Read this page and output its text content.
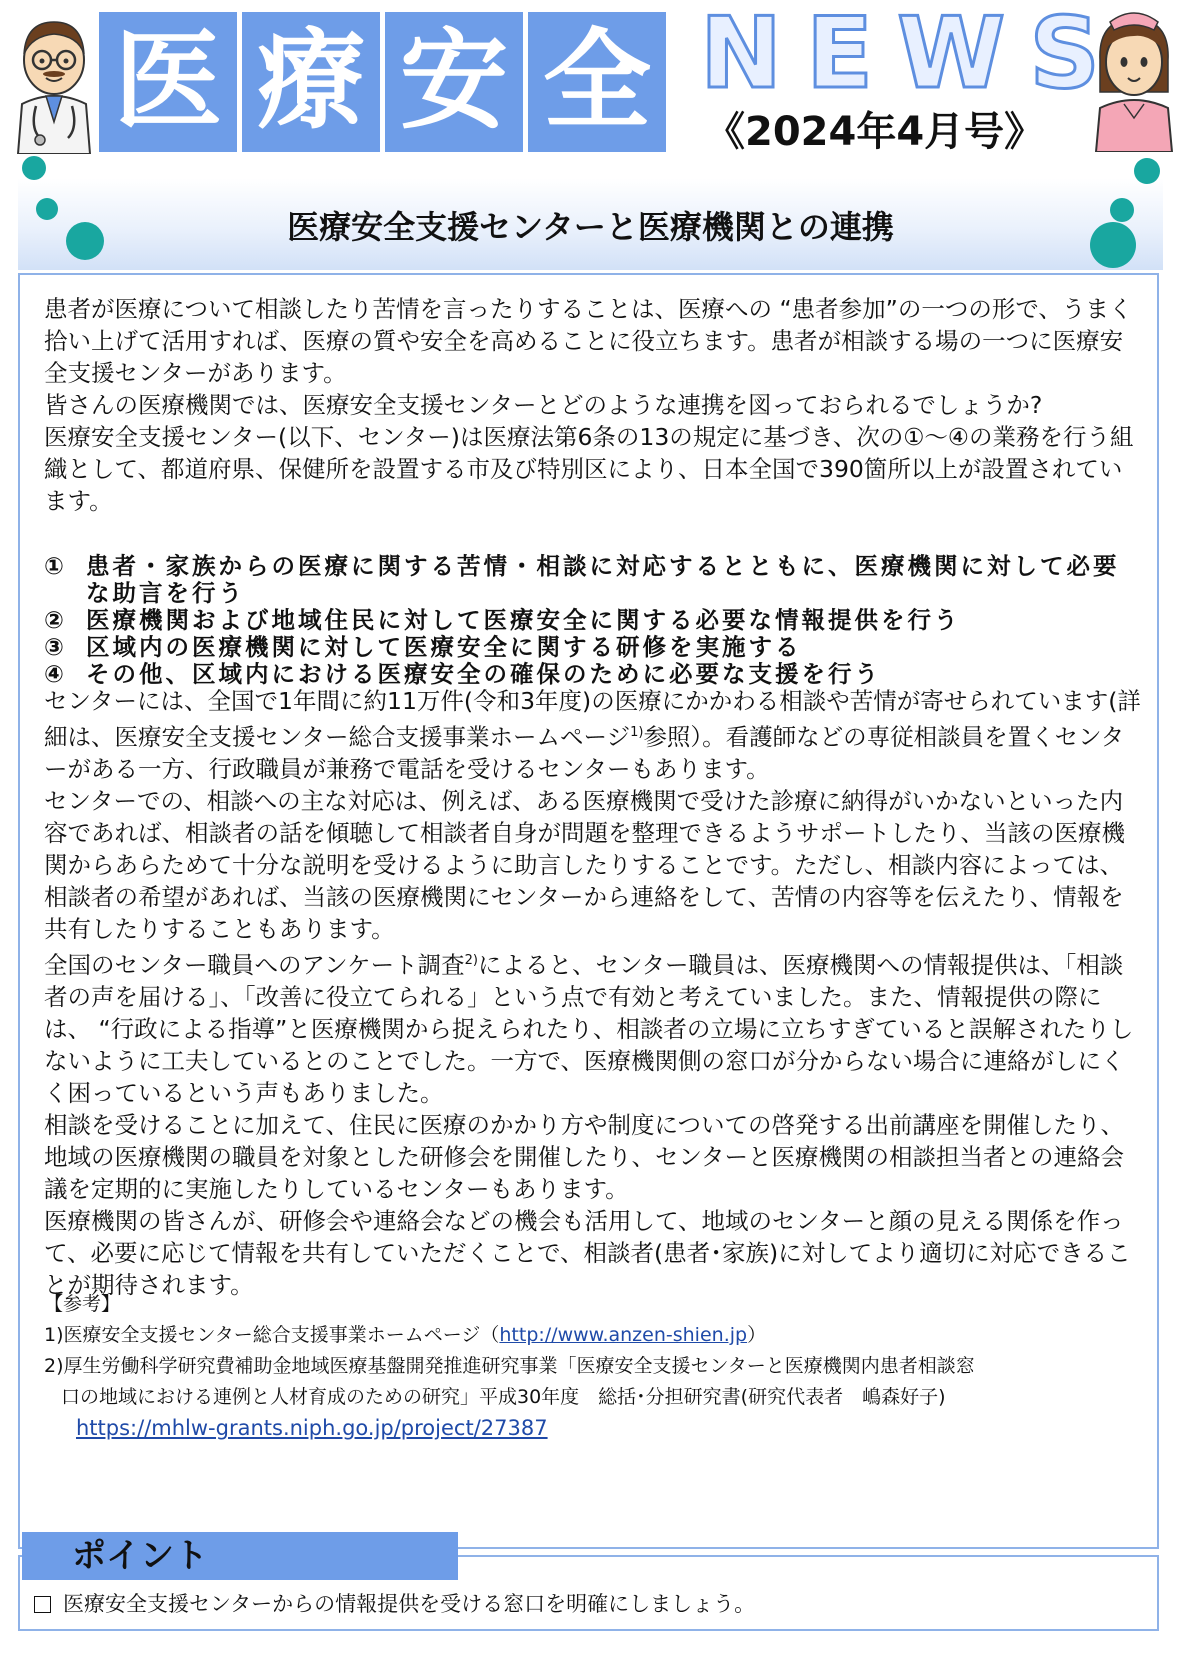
医 療 安 全 N E W S
《2024年4月号》
医療安全支援センターと医療機関との連携

患者が医療について相談したり苦情を言ったりすることは、医療への “患者参加”の一つの形で、うまく拾い上げて活用すれば、医療の質や安全を高めることに役立ちます。患者が相談する場の一つに医療安全支援センターがあります。

皆さんの医療機関では、医療安全支援センターとどのような連携を図っておられるでしょうか?

医療安全支援センター(以下、センター)は医療法第6条の13の規定に基づき、次の①～④の業務を行う組織として、都道府県、保健所を設置する市及び特別区により、日本全国で390箇所以上が設置されています。

① 患者・家族からの医療に関する苦情・相談に対応するとともに、医療機関に対して必要な助言を行う
② 医療機関および地域住民に対して医療安全に関する必要な情報提供を行う
③ 区域内の医療機関に対して医療安全に関する研修を実施する
④ その他、区域内における医療安全の確保のために必要な支援を行う

センターには、全国で1年間に約11万件(令和3年度)の医療にかかわる相談や苦情が寄せられています(詳細は、医療安全支援センター総合支援事業ホームページ$^{1)}$参照）。看護師などの専従相談員を置くセンターがある一方、行政職員が兼務で電話を受けるセンターもあります。

センターでの、相談への主な対応は、例えば、ある医療機関で受けた診療に納得がいかないといった内容であれば、相談者の話を傾聴して相談者自身が問題を整理できるようサポートしたり、当該の医療機関からあらためて十分な説明を受けるように助言したりすることです。ただし、相談内容によっては、相談者の希望があれば、当該の医療機関にセンターから連絡をして、苦情の内容等を伝えたり、情報を共有したりすることもあります。

全国のセンター職員へのアンケート調査$^{2)}$によると、センター職員は、医療機関への情報提供は、「相談者の声を届ける」、「改善に役立てられる」という点で有効と考えていました。また、情報提供の際には、 “行政による指導”と医療機関から捉えられたり、相談者の立場に立ちすぎていると誤解されたりしないように工夫しているとのことでした。一方で、医療機関側の窓口が分からない場合に連絡がしにくく困っているという声もありました。

相談を受けることに加えて、住民に医療のかかり方や制度についての啓発する出前講座を開催したり、地域の医療機関の職員を対象とした研修会を開催したり、センターと医療機関の相談担当者との連絡会議を定期的に実施したりしているセンターもあります。

医療機関の皆さんが、研修会や連絡会などの機会も活用して、地域のセンターと顔の見える関係を作って、必要に応じて情報を共有していただくことで、相談者(患者･家族)に対してより適切に対応できることが期待されます。

【参考】

1)医療安全支援センター総合支援事業ホームページ（http://www.anzen-shien.jp）

2)厚生労働科学研究費補助金地域医療基盤開発推進研究事業「医療安全支援センターと医療機関内患者相談窓

口の地域における連例と人材育成のための研究」平成30年度　総括･分担研究書(研究代表者　嶋森好子)

https://mhlw-grants.niph.go.jp/project/27387

ポイント
医療安全支援センターからの情報提供を受ける窓口を明確にしましょう。
